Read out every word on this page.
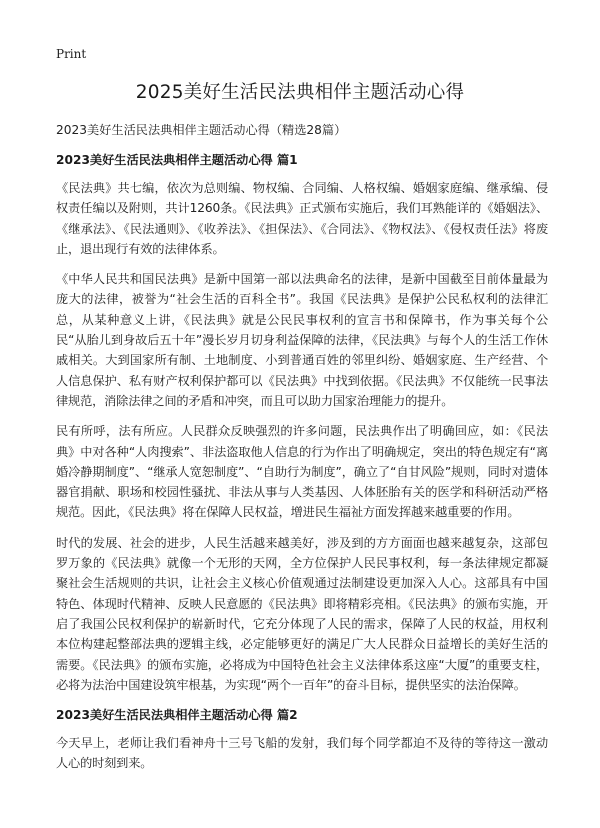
Print
2025美好生活民法典相伴主题活动心得

2023美好生活民法典相伴主题活动心得（精选28篇）

2023美好生活民法典相伴主题活动心得 篇1

《民法典》共七编，依次为总则编、物权编、合同编、人格权编、婚姻家庭编、继承编、侵权责任编以及附则，共计1260条。《民法典》正式颁布实施后，我们耳熟能详的《婚姻法》、《继承法》、《民法通则》、《收养法》、《担保法》、《合同法》、《物权法》、《侵权责任法》将废止，退出现行有效的法律体系。

《中华人民共和国民法典》是新中国第一部以法典命名的法律，是新中国截至目前体量最为庞大的法律，被誉为“社会生活的百科全书”。我国《民法典》是保护公民私权利的法律汇总，从某种意义上讲，《民法典》就是公民民事权利的宣言书和保障书，作为事关每个公民“从胎儿到身故后五十年”漫长岁月切身利益保障的法律，《民法典》与每个人的生活工作休戚相关。大到国家所有制、土地制度、小到普通百姓的邻里纠纷、婚姻家庭、生产经营、个人信息保护、私有财产权利保护都可以《民法典》中找到依据。《民法典》不仅能统一民事法律规范，消除法律之间的矛盾和冲突，而且可以助力国家治理能力的提升。

民有所呼，法有所应。人民群众反映强烈的许多问题，民法典作出了明确回应，如：《民法典》中对各种“人肉搜索”、非法盗取他人信息的行为作出了明确规定，突出的特色规定有“离婚冷静期制度”、“继承人宽恕制度”、“自助行为制度”，确立了“自甘风险”规则，同时对遗体器官捐献、职场和校园性骚扰、非法从事与人类基因、人体胚胎有关的医学和科研活动严格规范。因此，《民法典》将在保障人民权益，增进民生福祉方面发挥越来越重要的作用。

时代的发展、社会的进步，人民生活越来越美好，涉及到的方方面面也越来越复杂，这部包罗万象的《民法典》就像一个无形的天网，全方位保护人民民事权利，每一条法律规定都凝聚社会生活规则的共识，让社会主义核心价值观通过法制建设更加深入人心。这部具有中国特色、体现时代精神、反映人民意愿的《民法典》即将精彩亮相。《民法典》的颁布实施，开启了我国公民权利保护的崭新时代，它充分体现了人民的需求，保障了人民的权益，用权利本位构建起整部法典的逻辑主线，必定能够更好的满足广大人民群众日益增长的美好生活的需要。《民法典》的颁布实施，必将成为中国特色社会主义法律体系这座“大厦”的重要支柱，必将为法治中国建设筑牢根基，为实现“两个一百年”的奋斗目标，提供坚实的法治保障。

2023美好生活民法典相伴主题活动心得 篇2

今天早上，老师让我们看神舟十三号飞船的发射，我们每个同学都迫不及待的等待这一激动人心的时刻到来。
